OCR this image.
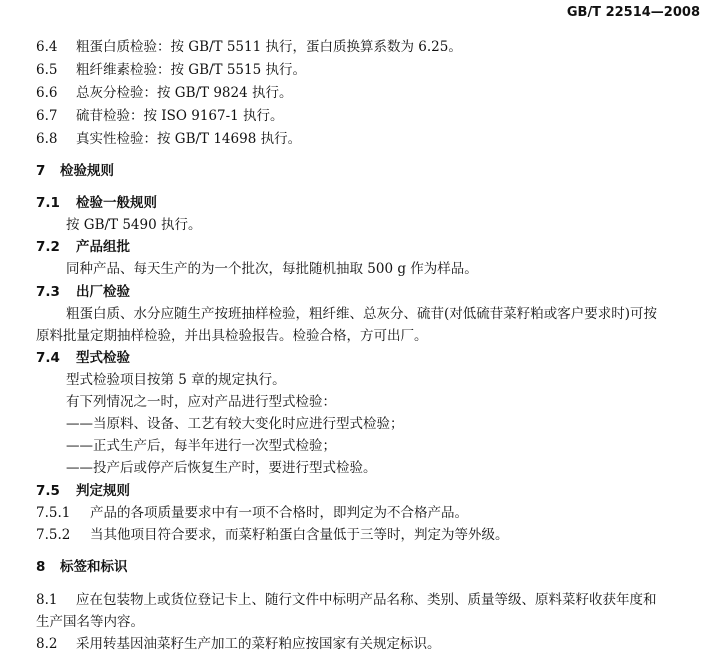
GB/T 22514—2008
6.4 粗蛋白质检验：按 GB/T 5511 执行，蛋白质换算系数为 6.25。
6.5 粗纤维素检验：按 GB/T 5515 执行。
6.6 总灰分检验：按 GB/T 9824 执行。
6.7 硫苷检验：按 ISO 9167-1 执行。
6.8 真实性检验：按 GB/T 14698 执行。
7 检验规则
7.1 检验一般规则
按 GB/T 5490 执行。
7.2 产品组批
同种产品、每天生产的为一个批次，每批随机抽取 500 g 作为样品。
7.3 出厂检验
粗蛋白质、水分应随生产按班抽样检验，粗纤维、总灰分、硫苷(对低硫苷菜籽粕或客户要求时)可按
原料批量定期抽样检验，并出具检验报告。检验合格，方可出厂。
7.4 型式检验
型式检验项目按第 5 章的规定执行。
有下列情况之一时，应对产品进行型式检验：
——当原料、设备、工艺有较大变化时应进行型式检验；
——正式生产后，每半年进行一次型式检验；
——投产后或停产后恢复生产时，要进行型式检验。
7.5 判定规则
7.5.1 产品的各项质量要求中有一项不合格时，即判定为不合格产品。
7.5.2 当其他项目符合要求，而菜籽粕蛋白含量低于三等时，判定为等外级。
8 标签和标识
8.1 应在包装物上或货位登记卡上、随行文件中标明产品名称、类别、质量等级、原料菜籽收获年度和
生产国名等内容。
8.2 采用转基因油菜籽生产加工的菜籽粕应按国家有关规定标识。
